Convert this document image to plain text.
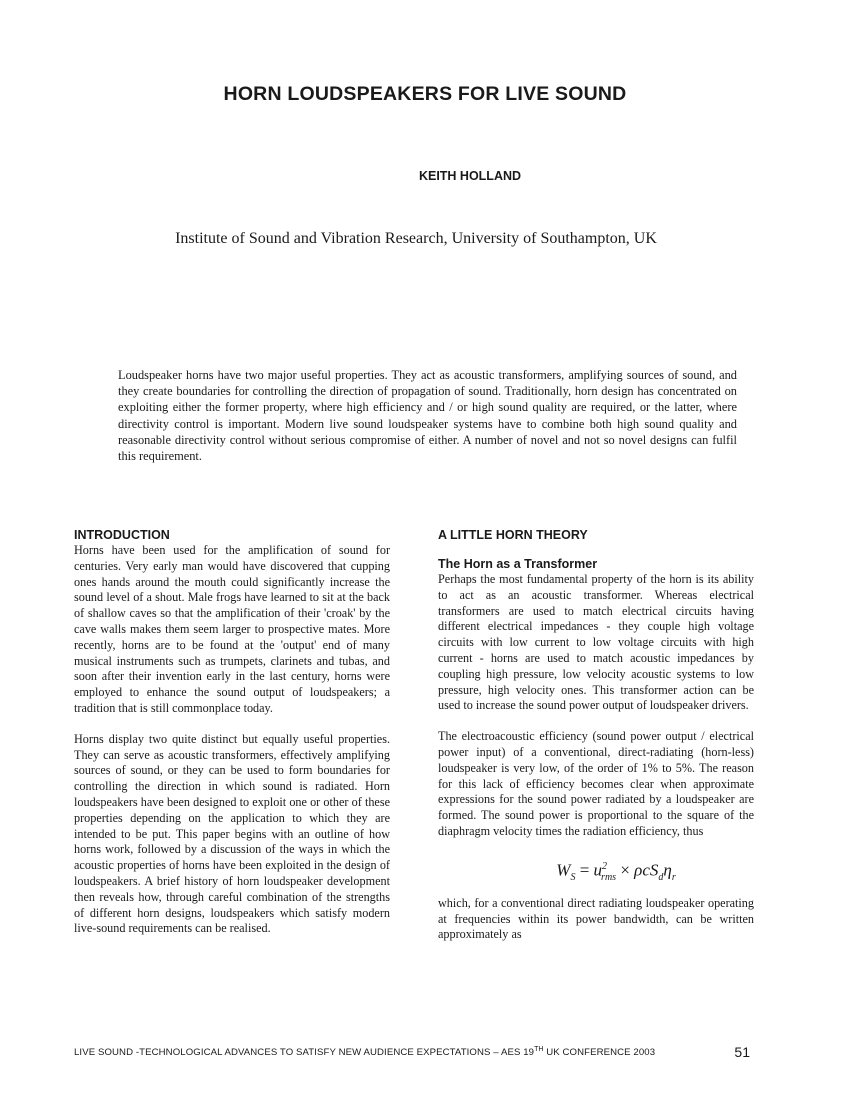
HORN LOUDSPEAKERS FOR LIVE SOUND
KEITH HOLLAND
Institute of Sound and Vibration Research, University of Southampton, UK

Loudspeaker horns have two major useful properties. They act as acoustic transformers, amplifying sources of sound, and they create boundaries for controlling the direction of propagation of sound. Traditionally, horn design has concentrated on exploiting either the former property, where high efficiency and / or high sound quality are required, or the latter, where directivity control is important. Modern live sound loudspeaker systems have to combine both high sound quality and reasonable directivity control without serious compromise of either. A number of novel and not so novel designs can fulfil this requirement.

INTRODUCTION

Horns have been used for the amplification of sound for centuries. Very early man would have discovered that cupping ones hands around the mouth could significantly increase the sound level of a shout. Male frogs have learned to sit at the back of shallow caves so that the amplification of their 'croak' by the cave walls makes them seem larger to prospective mates. More recently, horns are to be found at the 'output' end of many musical instruments such as trumpets, clarinets and tubas, and soon after their invention early in the last century, horns were employed to enhance the sound output of loudspeakers; a tradition that is still commonplace today.

Horns display two quite distinct but equally useful properties. They can serve as acoustic transformers, effectively amplifying sources of sound, or they can be used to form boundaries for controlling the direction in which sound is radiated. Horn loudspeakers have been designed to exploit one or other of these properties depending on the application to which they are intended to be put. This paper begins with an outline of how horns work, followed by a discussion of the ways in which the acoustic properties of horns have been exploited in the design of loudspeakers. A brief history of horn loudspeaker development then reveals how, through careful combination of the strengths of different horn designs, loudspeakers which satisfy modern live-sound requirements can be realised.

A LITTLE HORN THEORY
The Horn as a Transformer

Perhaps the most fundamental property of the horn is its ability to act as an acoustic transformer. Whereas electrical transformers are used to match electrical circuits having different electrical impedances - they couple high voltage circuits with low current to low voltage circuits with high current - horns are used to match acoustic impedances by coupling high pressure, low velocity acoustic systems to low pressure, high velocity ones. This transformer action can be used to increase the sound power output of loudspeaker drivers.

The electroacoustic efficiency (sound power output / electrical power input) of a conventional, direct-radiating (horn-less) loudspeaker is very low, of the order of 1% to 5%. The reason for this lack of efficiency becomes clear when approximate expressions for the sound power radiated by a loudspeaker are formed. The sound power is proportional to the square of the diaphragm velocity times the radiation efficiency, thus

$W_S = u^2_{rms} \times \rho cS_d\eta_r$

which, for a conventional direct radiating loudspeaker operating at frequencies within its power bandwidth, can be written approximately as

LIVE SOUND -TECHNOLOGICAL ADVANCES TO SATISFY NEW AUDIENCE EXPECTATIONS – AES 19TH UK CONFERENCE 2003	51
